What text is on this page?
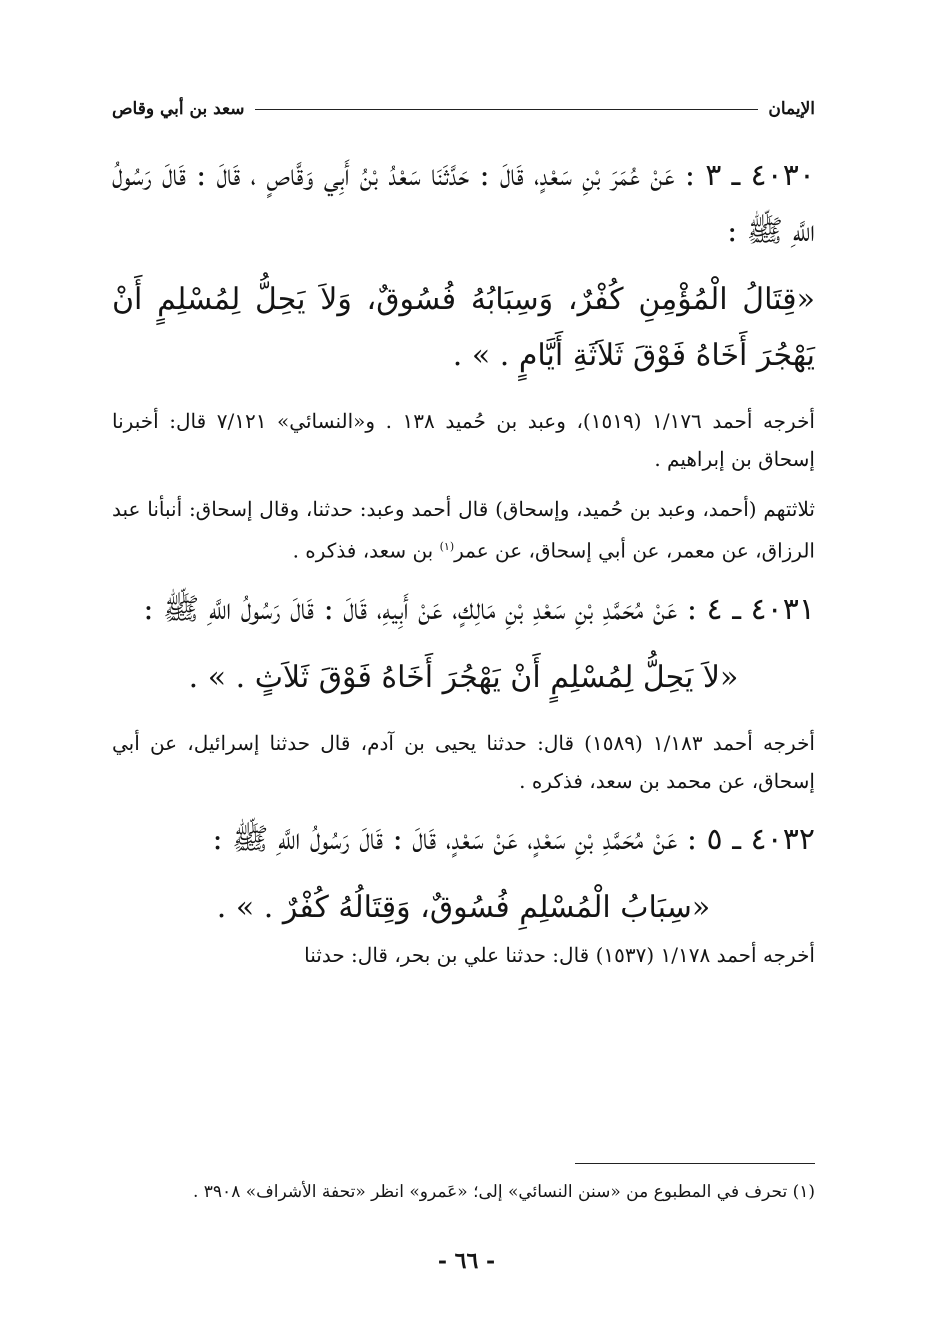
الإيمان
سعد بن أبي وقاص

٤٠٣٠ ـ ٣ : عَنْ عُمَرَ بْنِ سَعْدٍ، قَالَ : حَدَّثَنَا سَعْدُ بْنُ أَبِي وَقَّاصٍ ، قَالَ : قَالَ رَسُولُ اللَّهِ ﷺ :

«قِتَالُ الْمُؤْمِنِ كُفْرٌ، وَسِبَابُهُ فُسُوقٌ، وَلاَ يَحِلُّ لِمُسْلِمٍ أَنْ يَهْجُرَ أَخَاهُ فَوْقَ ثَلاَثَةِ أَيَّامٍ . » .

أخرجه أحمد ١/١٧٦ (١٥١٩)، وعبد بن حُميد ١٣٨ . و«النسائي» ٧/١٢١ قال: أخبرنا إسحاق بن إبراهيم .

ثلاثتهم (أحمد، وعبد بن حُميد، وإسحاق) قال أحمد وعبد: حدثنا، وقال إسحاق: أنبأنا عبد الرزاق، عن معمر، عن أبي إسحاق، عن عمر$^{(١)}$ بن سعد، فذكره .

٤٠٣١ ـ ٤ : عَنْ مُحَمَّدِ بْنِ سَعْدِ بْنِ مَالِكٍ، عَنْ أَبِيهِ، قَالَ : قَالَ رَسُولُ اللَّهِ ﷺ :

«لاَ يَحِلُّ لِمُسْلِمٍ أَنْ يَهْجُرَ أَخَاهُ فَوْقَ ثَلاَثٍ . » .

أخرجه أحمد ١/١٨٣ (١٥٨٩) قال: حدثنا يحيى بن آدم، قال حدثنا إسرائيل، عن أبي إسحاق، عن محمد بن سعد، فذكره .

٤٠٣٢ ـ ٥ : عَنْ مُحَمَّدِ بْنِ سَعْدٍ، عَنْ سَعْدٍ، قَالَ : قَالَ رَسُولُ اللَّهِ ﷺ :

«سِبَابُ الْمُسْلِمِ فُسُوقٌ، وَقِتَالُهُ كُفْرٌ . » .

أخرجه أحمد ١/١٧٨ (١٥٣٧) قال: حدثنا علي بن بحر، قال: حدثنا

(١) تحرف في المطبوع من «سنن النسائي» إلى؛ «عَمرو» انظر «تحفة الأشراف» ٣٩٠٨ .
- ٦٦ -
